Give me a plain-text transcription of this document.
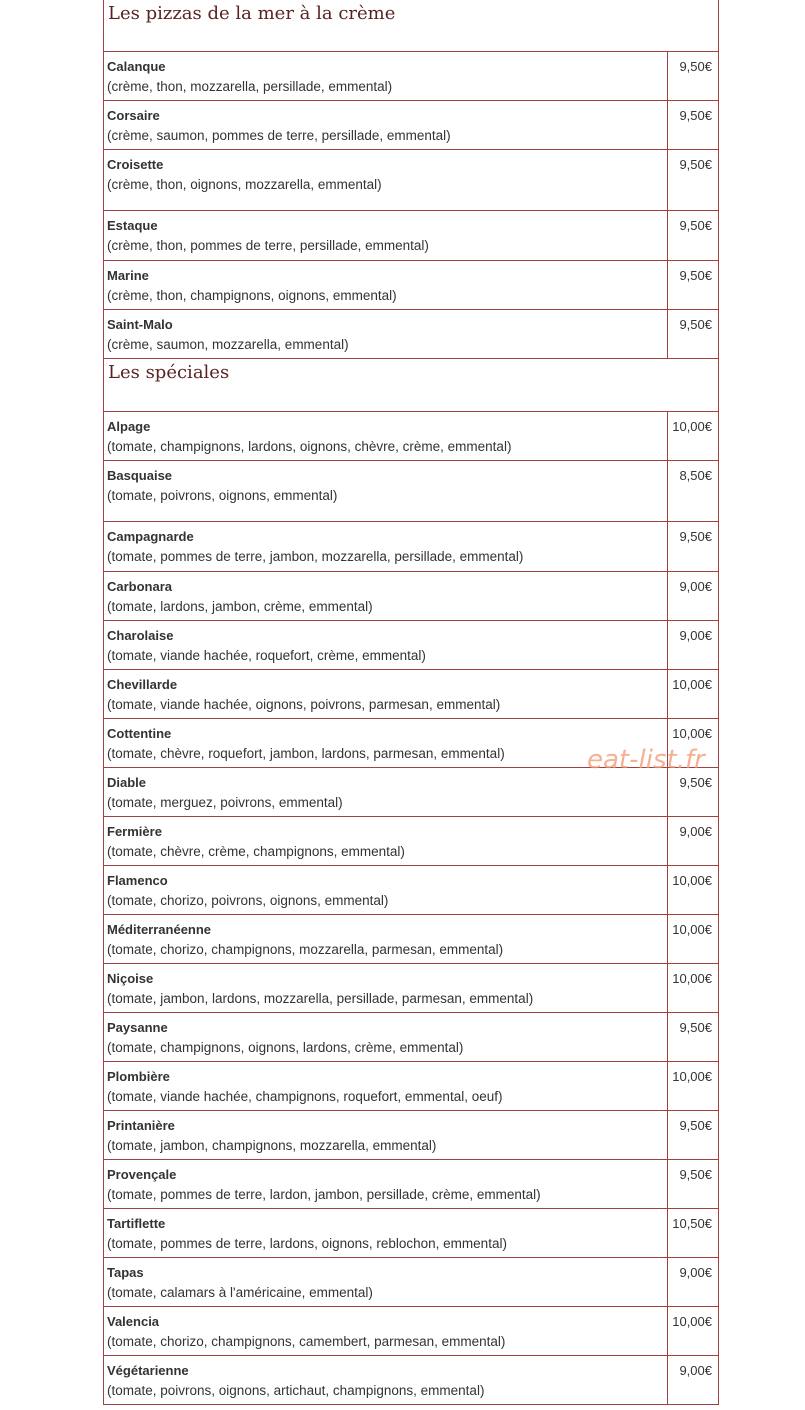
Les pizzas de la mer à la crème
Calanque
(crème, thon, mozzarella, persillade, emmental)
9,50€
Corsaire
(crème, saumon, pommes de terre, persillade, emmental)
9,50€
Croisette
(crème, thon, oignons, mozzarella, emmental)
9,50€
Estaque
(crème, thon, pommes de terre, persillade, emmental)
9,50€
Marine
(crème, thon, champignons, oignons, emmental)
9,50€
Saint-Malo
(crème, saumon, mozzarella, emmental)
9,50€
Les spéciales
Alpage
(tomate, champignons, lardons, oignons, chèvre, crème, emmental)
10,00€
Basquaise
(tomate, poivrons, oignons, emmental)
8,50€
Campagnarde
(tomate, pommes de terre, jambon, mozzarella, persillade, emmental)
9,50€
Carbonara
(tomate, lardons, jambon, crème, emmental)
9,00€
Charolaise
(tomate, viande hachée, roquefort, crème, emmental)
9,00€
Chevillarde
(tomate, viande hachée, oignons, poivrons, parmesan, emmental)
10,00€
Cottentine
(tomate, chèvre, roquefort, jambon, lardons, parmesan, emmental)
10,00€
Diable
(tomate, merguez, poivrons, emmental)
9,50€
Fermière
(tomate, chèvre, crème, champignons, emmental)
9,00€
Flamenco
(tomate, chorizo, poivrons, oignons, emmental)
10,00€
Méditerranéenne
(tomate, chorizo, champignons, mozzarella, parmesan, emmental)
10,00€
Niçoise
(tomate, jambon, lardons, mozzarella, persillade, parmesan, emmental)
10,00€
Paysanne
(tomate, champignons, oignons, lardons, crème, emmental)
9,50€
Plombière
(tomate, viande hachée, champignons, roquefort, emmental, oeuf)
10,00€
Printanière
(tomate, jambon, champignons, mozzarella, emmental)
9,50€
Provençale
(tomate, pommes de terre, lardon, jambon, persillade, crème, emmental)
9,50€
Tartiflette
(tomate, pommes de terre, lardons, oignons, reblochon, emmental)
10,50€
Tapas
(tomate, calamars à l'américaine, emmental)
9,00€
Valencia
(tomate, chorizo, champignons, camembert, parmesan, emmental)
10,00€
Végétarienne
(tomate, poivrons, oignons, artichaut, champignons, emmental)
9,00€
eat-list.fr
